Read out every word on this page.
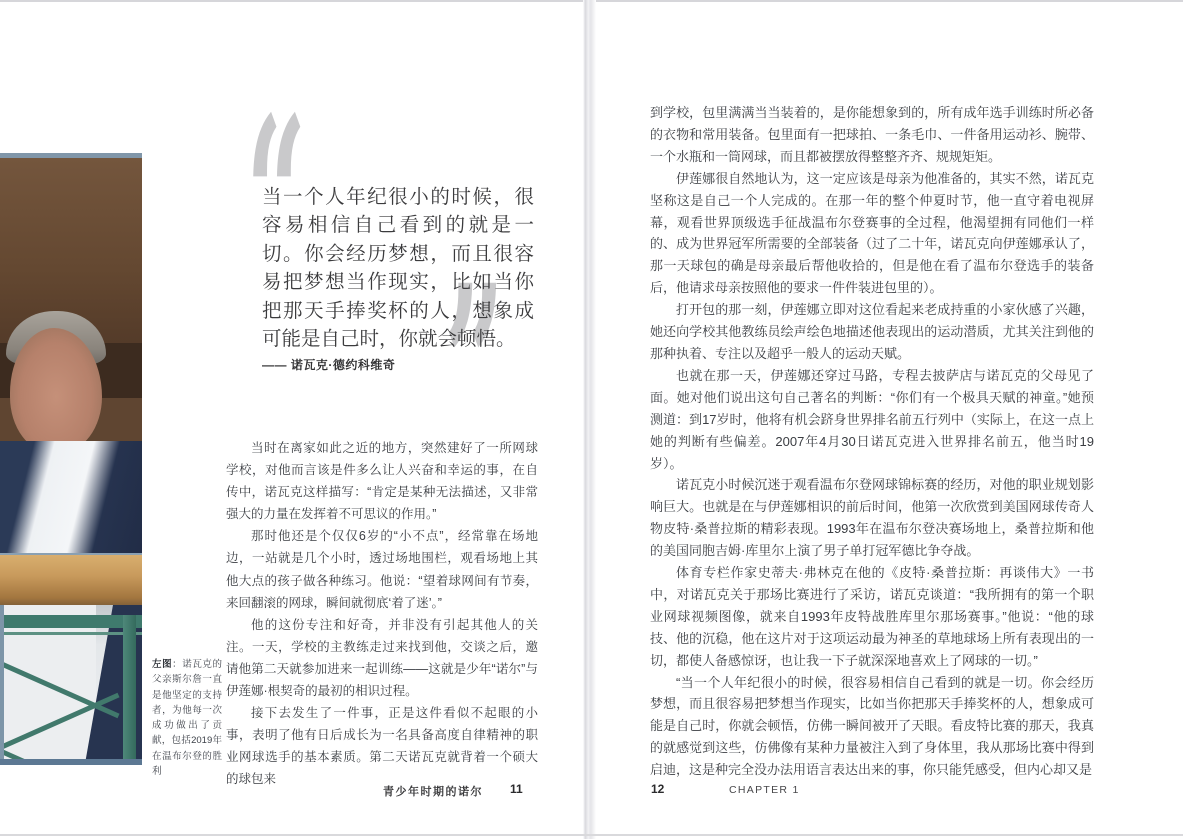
左图：诺瓦克的父亲斯尔詹一直是他坚定的支持者，为他每一次成功做出了贡献，包括2019年在温布尔登的胜利
“
”
当一个人年纪很小的时候，很容易相信自己看到的就是一切。你会经历梦想，而且很容易把梦想当作现实，比如当你把那天手捧奖杯的人，想象成可能是自己时，你就会顿悟。
—— 诺瓦克·德约科维奇

当时在离家如此之近的地方，突然建好了一所网球学校，对他而言该是件多么让人兴奋和幸运的事，在自传中，诺瓦克这样描写：“肯定是某种无法描述，又非常强大的力量在发挥着不可思议的作用。”

那时他还是个仅仅6岁的“小不点”，经常靠在场地边，一站就是几个小时，透过场地围栏，观看场地上其他大点的孩子做各种练习。他说：“望着球网间有节奏，来回翻滚的网球，瞬间就彻底‘着了迷’。”

他的这份专注和好奇，并非没有引起其他人的关注。一天，学校的主教练走过来找到他，交谈之后，邀请他第二天就参加进来一起训练——这就是少年“诺尔”与伊莲娜·根契奇的最初的相识过程。

接下去发生了一件事，正是这件看似不起眼的小事，表明了他有日后成长为一名具备高度自律精神的职业网球选手的基本素质。第二天诺瓦克就背着一个硕大的球包来

青少年时期的诺尔 11

到学校，包里满满当当装着的，是你能想象到的，所有成年选手训练时所必备的衣物和常用装备。包里面有一把球拍、一条毛巾、一件备用运动衫、腕带、一个水瓶和一筒网球，而且都被摆放得整整齐齐、规规矩矩。

伊莲娜很自然地认为，这一定应该是母亲为他准备的，其实不然，诺瓦克坚称这是自己一个人完成的。在那一年的整个仲夏时节，他一直守着电视屏幕，观看世界顶级选手征战温布尔登赛事的全过程，他渴望拥有同他们一样的、成为世界冠军所需要的全部装备（过了二十年，诺瓦克向伊莲娜承认了，那一天球包的确是母亲最后帮他收拾的，但是他在看了温布尔登选手的装备后，他请求母亲按照他的要求一件件装进包里的）。

打开包的那一刻，伊莲娜立即对这位看起来老成持重的小家伙感了兴趣，她还向学校其他教练员绘声绘色地描述他表现出的运动潜质，尤其关注到他的那种执着、专注以及超乎一般人的运动天赋。

也就在那一天，伊莲娜还穿过马路，专程去披萨店与诺瓦克的父母见了面。她对他们说出这句自己著名的判断：“你们有一个极具天赋的神童。”她预测道：到17岁时，他将有机会跻身世界排名前五行列中（实际上，在这一点上她的判断有些偏差。2007年4月30日诺瓦克进入世界排名前五，他当时19岁）。

诺瓦克小时候沉迷于观看温布尔登网球锦标赛的经历，对他的职业规划影响巨大。也就是在与伊莲娜相识的前后时间，他第一次欣赏到美国网球传奇人物皮特·桑普拉斯的精彩表现。1993年在温布尔登决赛场地上，桑普拉斯和他的美国同胞吉姆·库里尔上演了男子单打冠军德比争夺战。

体育专栏作家史蒂夫·弗林克在他的《皮特·桑普拉斯：再谈伟大》一书中，对诺瓦克关于那场比赛进行了采访，诺瓦克谈道：“我所拥有的第一个职业网球视频图像，就来自1993年皮特战胜库里尔那场赛事。”他说：“他的球技、他的沉稳，他在这片对于这项运动最为神圣的草地球场上所有表现出的一切，都使人备感惊讶，也让我一下子就深深地喜欢上了网球的一切。”

“当一个人年纪很小的时候，很容易相信自己看到的就是一切。你会经历梦想，而且很容易把梦想当作现实，比如当你把那天手捧奖杯的人，想象成可能是自己时，你就会顿悟，仿佛一瞬间被开了天眼。看皮特比赛的那天，我真的就感觉到这些，仿佛像有某种力量被注入到了身体里，我从那场比赛中得到启迪，这是种完全没办法用语言表达出来的事，你只能凭感受，但内心却又是

12	CHAPTER 1
